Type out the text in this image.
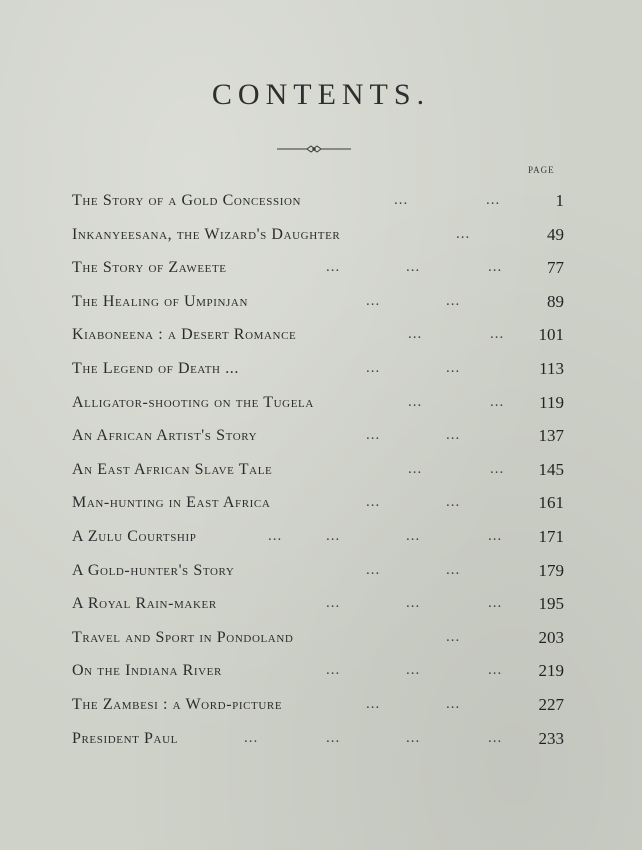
CONTENTS.
PAGE
The Story of a Gold Concession	...	...	1
Inkanyeesana, the Wizard's Daughter	...	49
The Story of Zaweete	...	...	...	77
The Healing of Umpinjan	...	...	89
Kiaboneena : a Desert Romance	...	... 101
The Legend of Death ...	...	...	113
Alligator-shooting on the Tugela	...	... 119
An African Artist's Story	...	...	137
An East African Slave Tale	...	... 145
Man-hunting in East Africa	...	...	161
A Zulu Courtship	...	...	...	... 171
A Gold-hunter's Story	...	...	179
A Royal Rain-maker	...	...	... 195
Travel and Sport in Pondoland	...	203
On the Indiana River	...	...	... 219
The Zambesi : a Word-picture	...	...	227
President Paul	...	...	...	... 233
